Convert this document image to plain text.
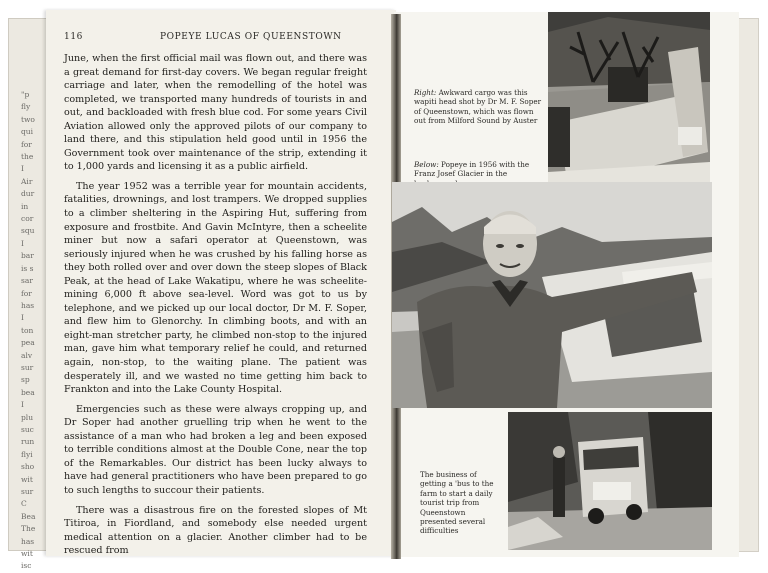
"p
fly
two
qui
for
the
I
Air
dur
in
cor
squ
I
bar
is s
sar
for
has
I
ton
pea
alv
sur
sp
bea
I
plu
suc
run
flyi
sho
wit
sur
C
Bea
The
has
wit
isc
116	POPEYE LUCAS OF QUEENSTOWN

June, when the first official mail was flown out, and there was a great demand for first-day covers. We began regular freight carriage and later, when the remodelling of the hotel was completed, we transported many hundreds of tourists in and out, and backloaded with fresh blue cod. For some years Civil Aviation allowed only the approved pilots of our company to land there, and this stipulation held good until in 1956 the Government took over maintenance of the strip, extending it to 1,000 yards and licensing it as a public airfield.

The year 1952 was a terrible year for mountain accidents, fatalities, drownings, and lost trampers. We dropped supplies to a climber sheltering in the Aspiring Hut, suffering from exposure and frostbite. And Gavin McIntyre, then a scheelite miner but now a safari operator at Queenstown, was seriously injured when he was crushed by his falling horse as they both rolled over and over down the steep slopes of Black Peak, at the head of Lake Wakatipu, where he was scheelite-mining 6,000 ft above sea-level. Word was got to us by telephone, and we picked up our local doctor, Dr M. F. Soper, and flew him to Glenorchy. In climbing boots, and with an eight-man stretcher party, he climbed non-stop to the injured man, gave him what temporary relief he could, and returned again, non-stop, to the waiting plane. The patient was desperately ill, and we wasted no time getting him back to Frankton and into the Lake County Hospital.

Emergencies such as these were always cropping up, and Dr Soper had another gruelling trip when he went to the assistance of a man who had broken a leg and been exposed to terrible conditions almost at the Double Cone, near the top of the Remarkables. Our district has been lucky always to have had general practitioners who have been prepared to go to such lengths to succour their patients.

There was a disastrous fire on the forested slopes of Mt Titiroa, in Fiordland, and somebody else needed urgent medical attention on a glacier. Another climber had to be rescued from

Right: Awkward cargo was this wapiti head shot by Dr M. F. Soper of Queenstown, which was flown out from Milford Sound by Auster
Below: Popeye in 1956 with the Franz Josef Glacier in the
The business of getting a 'bus to the farm to start a daily tourist trip from Queenstown presented several difficulties
